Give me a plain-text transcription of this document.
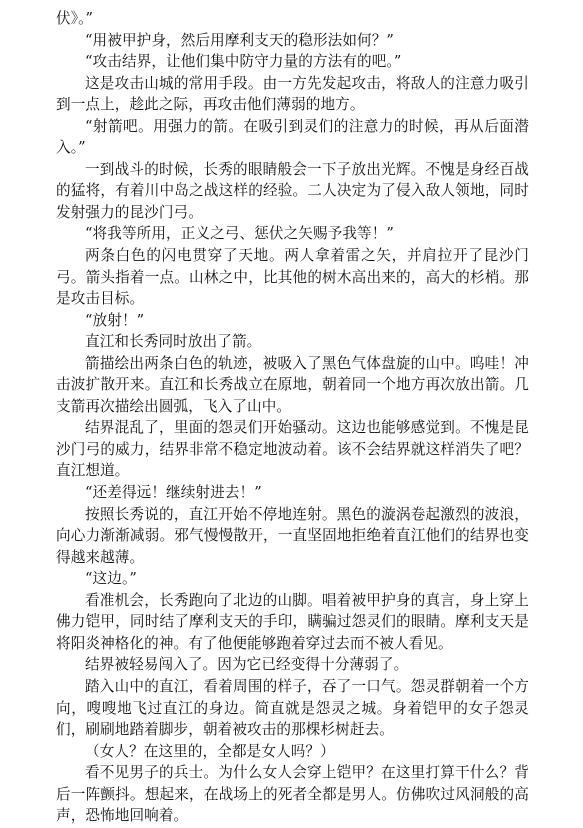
伏》。”

“用被甲护身，然后用摩利支天的稳形法如何？”

“攻击结界，让他们集中防守力量的方法有的吧。”

这是攻击山城的常用手段。由一方先发起攻击，将敌人的注意力吸引到一点上，趁此之际，再攻击他们薄弱的地方。

“射箭吧。用强力的箭。在吸引到灵们的注意力的时候，再从后面潜入。”

一到战斗的时候，长秀的眼睛般会一下子放出光辉。不愧是身经百战的猛将，有着川中岛之战这样的经验。二人决定为了侵入敌人领地，同时发射强力的昆沙门弓。

“将我等所用，正义之弓、惩伏之矢赐予我等！”

两条白色的闪电贯穿了天地。两人拿着雷之矢，并肩拉开了昆沙门弓。箭头指着一点。山林之中，比其他的树木高出来的，高大的杉梢。那是攻击目标。

“放射！”

直江和长秀同时放出了箭。

箭描绘出两条白色的轨迹，被吸入了黑色气体盘旋的山中。呜哇！冲击波扩散开来。直江和长秀战立在原地，朝着同一个地方再次放出箭。几支箭再次描绘出圆弧，飞入了山中。

结界混乱了，里面的怨灵们开始骚动。这边也能够感觉到。不愧是昆沙门弓的威力，结界非常不稳定地波动着。该不会结界就这样消失了吧？直江想道。

“还差得远！继续射进去！”

按照长秀说的，直江开始不停地连射。黑色的漩涡卷起激烈的波浪，向心力渐渐减弱。邪气慢慢散开，一直坚固地拒绝着直江他们的结界也变得越来越薄。

“这边。”

看准机会，长秀跑向了北边的山脚。唱着被甲护身的真言，身上穿上佛力铠甲，同时结了摩利支天的手印，瞒骗过怨灵们的眼睛。摩利支天是将阳炎神格化的神。有了他便能够跑着穿过去而不被人看见。

结界被轻易闯入了。因为它已经变得十分薄弱了。

踏入山中的直江，看着周围的样子，吞了一口气。怨灵群朝着一个方向，嗖嗖地飞过直江的身边。简直就是怨灵之城。身着铠甲的女子怨灵们，刷刷地踏着脚步，朝着被攻击的那棵杉树赶去。

（女人？在这里的，全都是女人吗？）

看不见男子的兵士。为什么女人会穿上铠甲？在这里打算干什么？背后一阵颤抖。想起来，在战场上的死者全都是男人。仿佛吹过风洞般的高声，恐怖地回响着。
